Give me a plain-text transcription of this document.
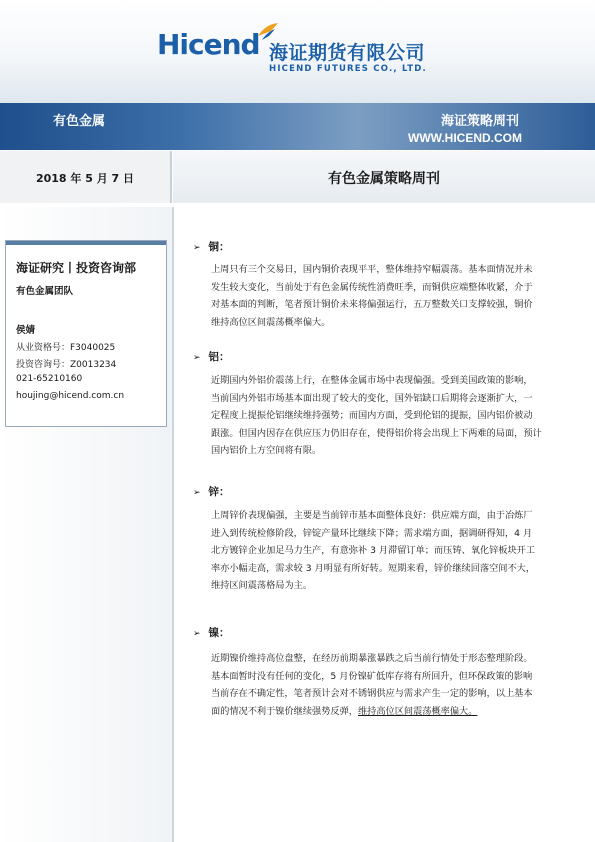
Hicend 海证期货有限公司
HICEND FUTURES CO., LTD.
有色金属	海证策略周刊
WWW.HICEND.COM
2018 年 5 月 7 日	有色金属策略周刊
海证研究丨投资咨询部
有色金属团队
侯婧
从业资格号：F3040025
投资咨询号：Z0013234
021-65210160
houjing@hicend.com.cn
➢ 铜：
上周只有三个交易日，国内铜价表现平平，整体维持窄幅震荡。基本面情况并未
发生较大变化，当前处于有色金属传统性消费旺季，而铜供应端整体收紧，介于
对基本面的判断，笔者预计铜价未来将偏强运行，五万整数关口支撑较强，铜价
维持高位区间震荡概率偏大。
➢ 铝：
近期国内外铝价震荡上行，在整体金属市场中表现偏强。受到美国政策的影响，
当前国内外铝市场基本面出现了较大的变化，国外铝缺口后期将会逐渐扩大，一
定程度上提振伦铝继续维持强势；而国内方面，受到伦铝的提振，国内铝价被动
跟涨。但国内因存在供应压力仍旧存在，使得铝价将会出现上下两难的局面，预计
国内铝价上方空间将有限。
➢ 锌：
上周锌价表现偏强，主要是当前锌市基本面整体良好：供应端方面，由于冶炼厂
进入到传统检修阶段，锌锭产量环比继续下降；需求端方面，据调研得知，4 月
北方镀锌企业加足马力生产，有意弥补 3 月滞留订单；而压铸、氧化锌板块开工
率亦小幅走高，需求较 3 月明显有所好转。短期来看，锌价继续回落空间不大，
维持区间震荡格局为主。
➢ 镍：
近期镍价维持高位盘整，在经历前期暴涨暴跌之后当前行情处于形态整理阶段。
基本面暂时没有任何的变化，5 月份镍矿低库存将有所回升，但环保政策的影响
当前存在不确定性，笔者预计会对不锈钢供应与需求产生一定的影响，以上基本
面的情况不利于镍价继续强势反弹，维持高位区间震荡概率偏大。
